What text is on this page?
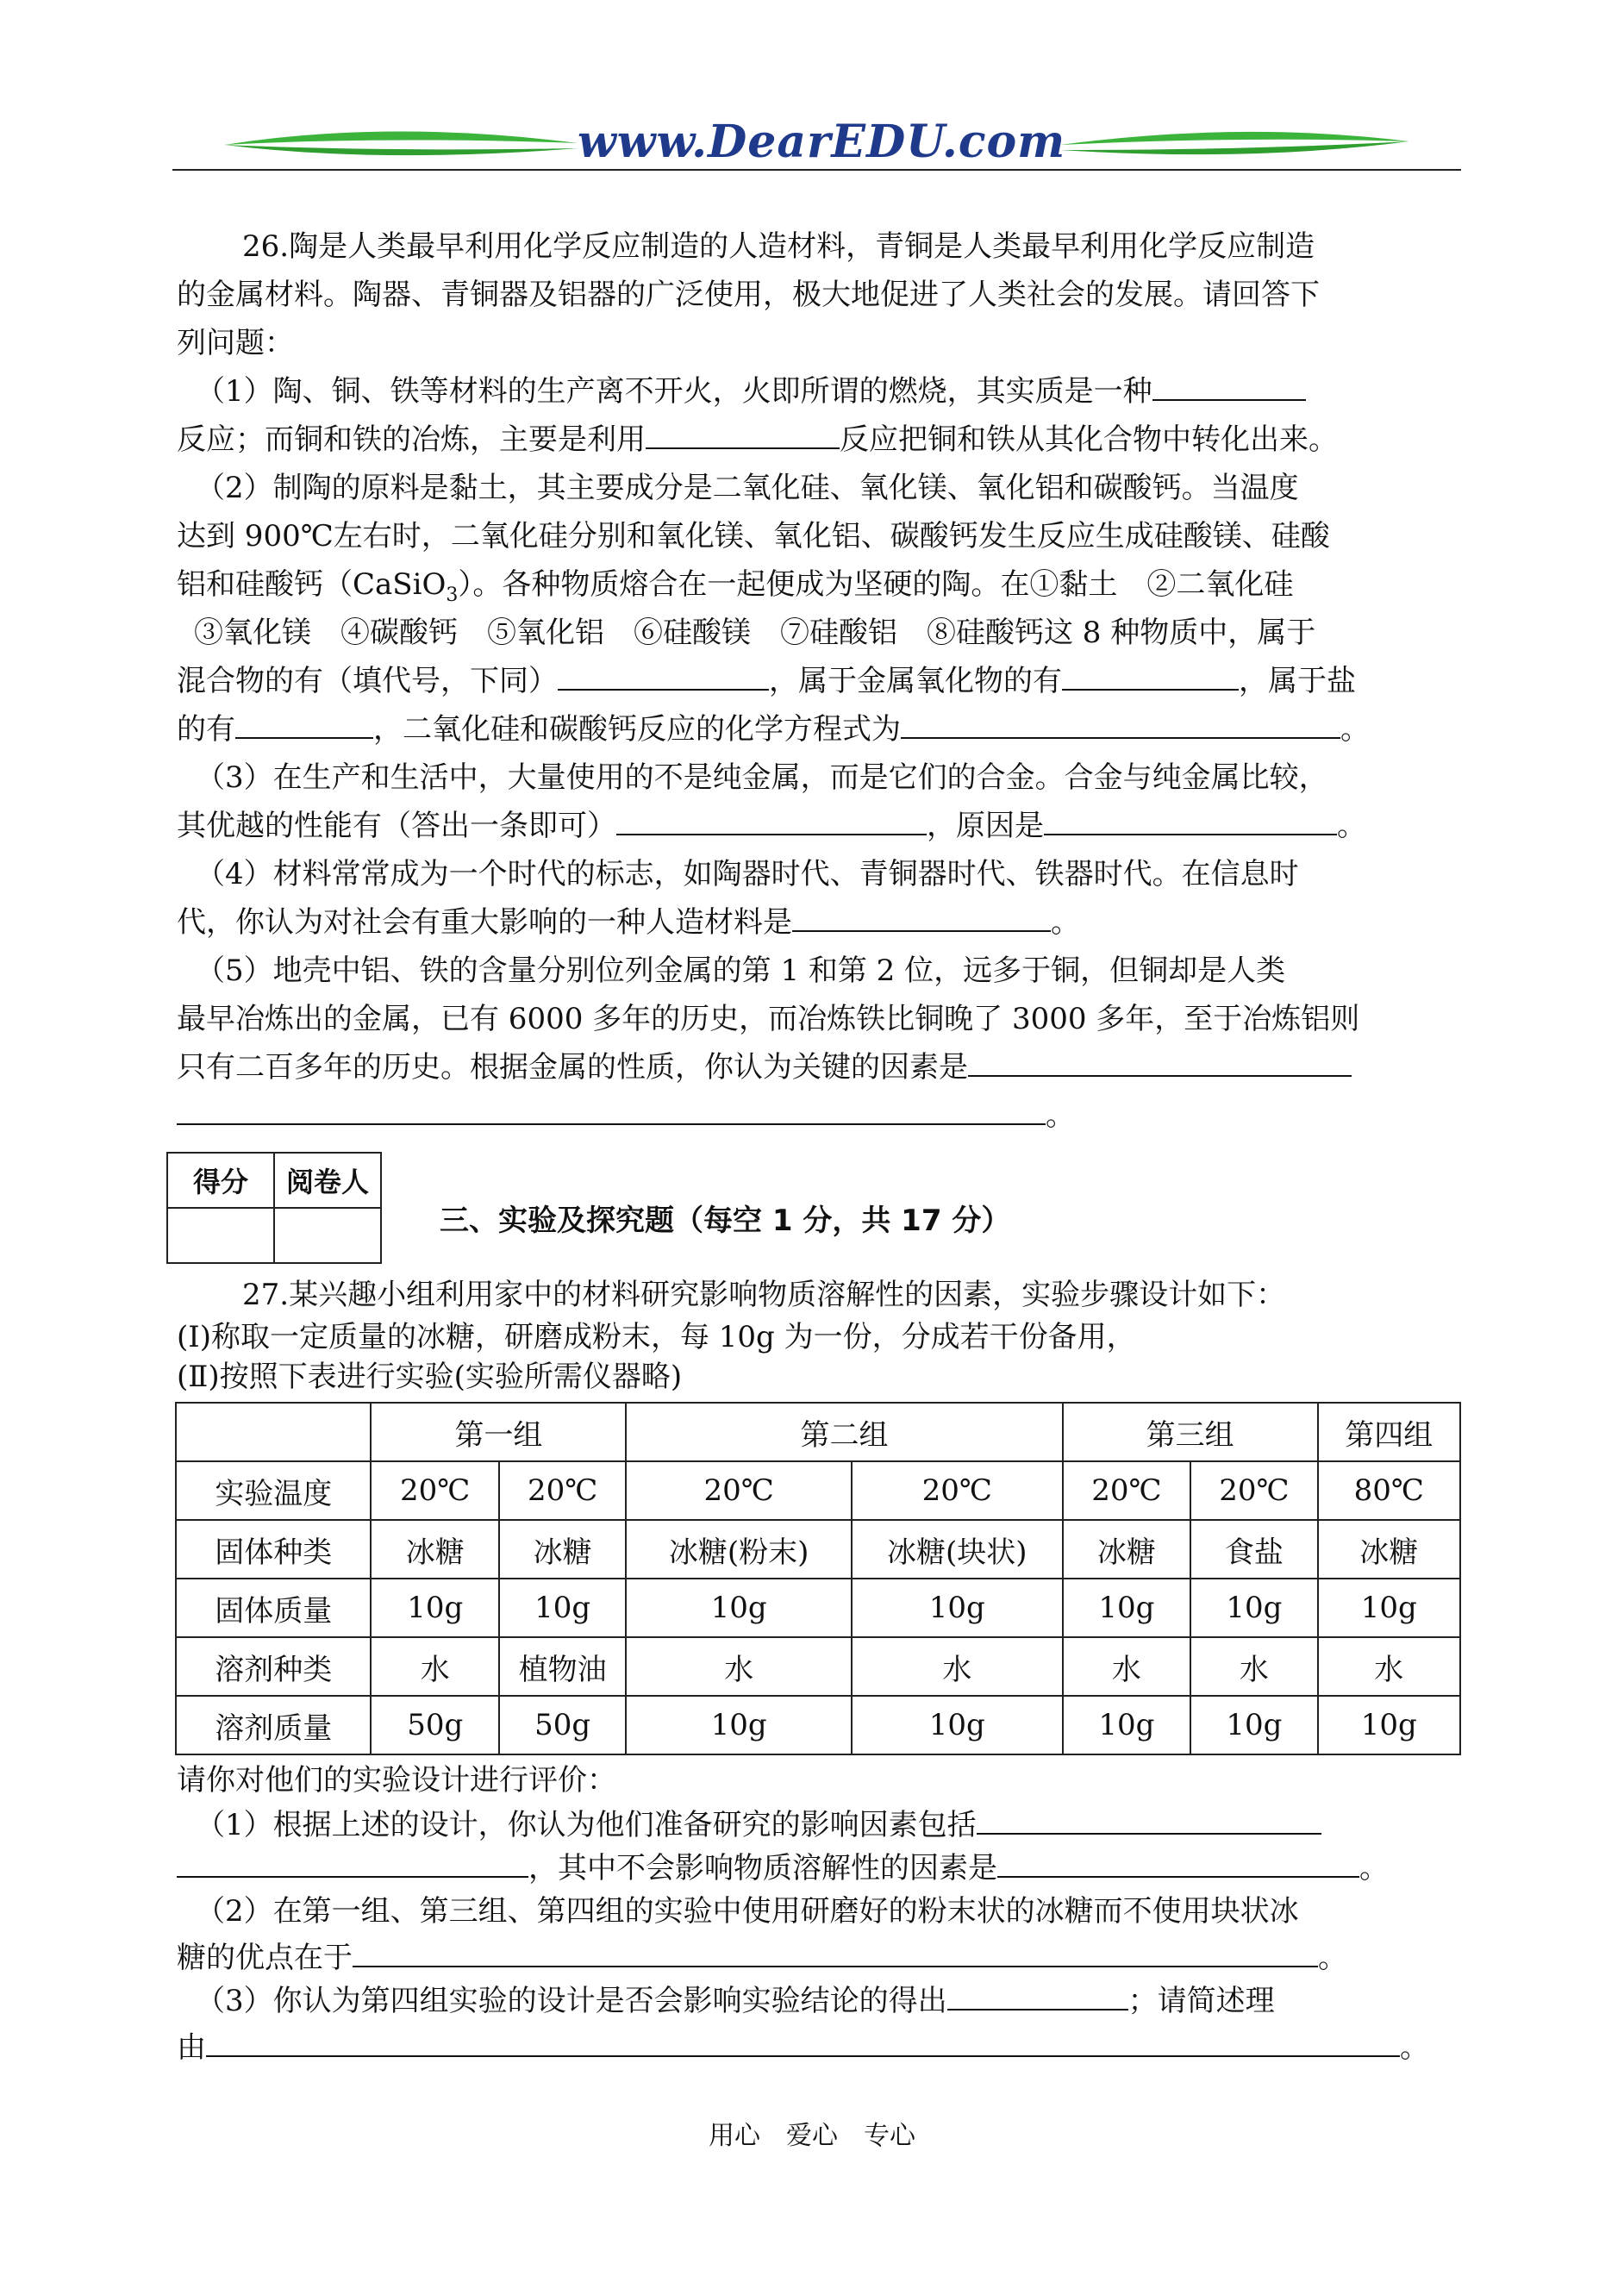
www.DearEDU.com
26.陶是人类最早利用化学反应制造的人造材料，青铜是人类最早利用化学反应制造
的金属材料。陶器、青铜器及铝器的广泛使用，极大地促进了人类社会的发展。请回答下
列问题：
（1）陶、铜、铁等材料的生产离不开火，火即所谓的燃烧，其实质是一种
反应；而铜和铁的冶炼，主要是利用	反应把铜和铁从其化合物中转化出来。
（2）制陶的原料是黏土，其主要成分是二氧化硅、氧化镁、氧化铝和碳酸钙。当温度
达到 900℃左右时，二氧化硅分别和氧化镁、氧化铝、碳酸钙发生反应生成硅酸镁、硅酸
铝和硅酸钙（CaSiO$_3$）。各种物质熔合在一起便成为坚硬的陶。在①黏土　②二氧化硅
③氧化镁　④碳酸钙　⑤氧化铝　⑥硅酸镁　⑦硅酸铝　⑧硅酸钙这 8 种物质中，属于
混合物的有（填代号，下同）	，属于金属氧化物的有	，属于盐
的有	，二氧化硅和碳酸钙反应的化学方程式为	。
（3）在生产和生活中，大量使用的不是纯金属，而是它们的合金。合金与纯金属比较，
其优越的性能有（答出一条即可）	，原因是	。
（4）材料常常成为一个时代的标志，如陶器时代、青铜器时代、铁器时代。在信息时
代，你认为对社会有重大影响的一种人造材料是	。
（5）地壳中铝、铁的含量分别位列金属的第 1 和第 2 位，远多于铜，但铜却是人类
最早冶炼出的金属，已有 6000 多年的历史，而冶炼铁比铜晚了 3000 多年，至于冶炼铝则
只有二百多年的历史。根据金属的性质，你认为关键的因素是
。
得分	阅卷人

三、实验及探究题（每空 1 分，共 17 分）
27.某兴趣小组利用家中的材料研究影响物质溶解性的因素，实验步骤设计如下：
(Ⅰ)称取一定质量的冰糖，研磨成粉末，每 10g 为一份，分成若干份备用，
(Ⅱ)按照下表进行实验(实验所需仪器略)
	第一组		第二组		第三组		第四组
实验温度	20℃	20℃	20℃	20℃	20℃	20℃	80℃
固体种类	冰糖	冰糖	冰糖(粉末)	冰糖(块状)	冰糖	食盐	冰糖
固体质量	10g	10g	10g	10g	10g	10g	10g
溶剂种类	水	植物油	水	水	水	水	水
溶剂质量	50g	50g	10g	10g	10g	10g	10g
请你对他们的实验设计进行评价：
（1）根据上述的设计，你认为他们准备研究的影响因素包括
，其中不会影响物质溶解性的因素是	。
（2）在第一组、第三组、第四组的实验中使用研磨好的粉末状的冰糖而不使用块状冰
糖的优点在于	。
（3）你认为第四组实验的设计是否会影响实验结论的得出	；请简述理
由	。
用心　爱心　专心
